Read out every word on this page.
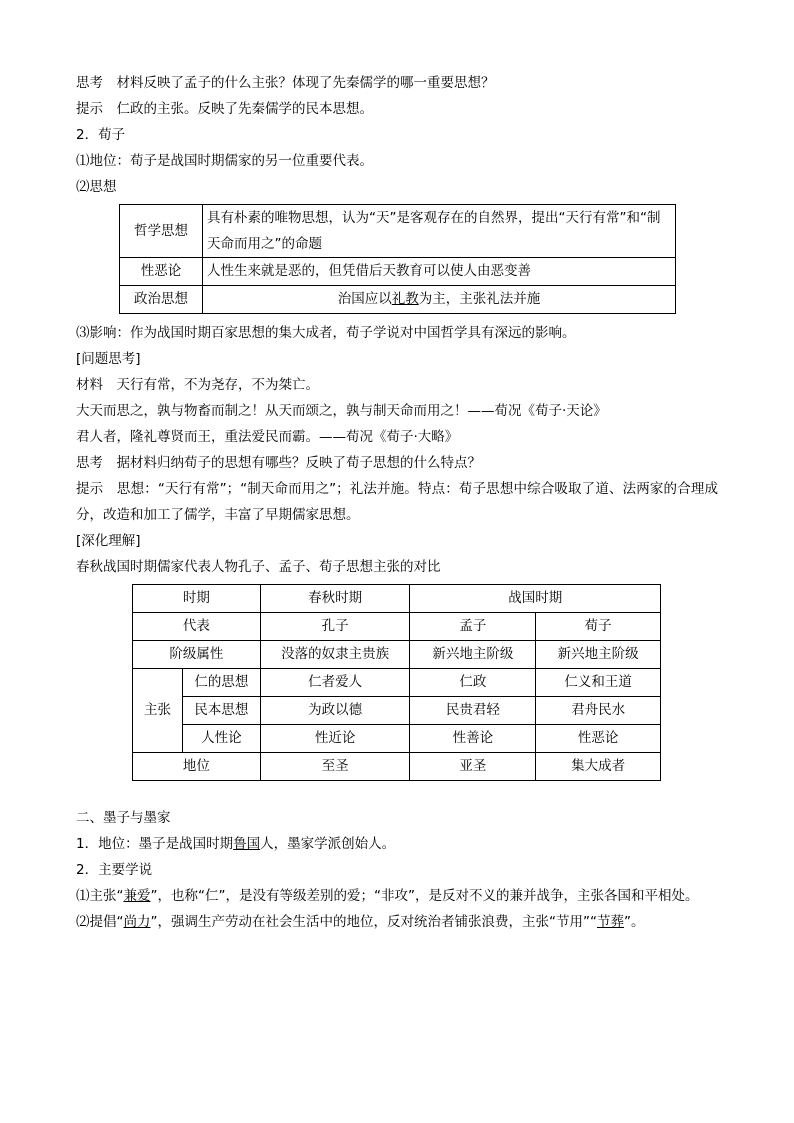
思考　材料反映了孟子的什么主张？体现了先秦儒学的哪一重要思想？
提示　仁政的主张。反映了先秦儒学的民本思想。
2．荀子
⑴地位：荀子是战国时期儒家的另一位重要代表。
⑵思想
哲学思想	具有朴素的唯物思想，认为“天”是客观存在的自然界，提出“天行有常”和“制天命而用之”的命题
性恶论	人性生来就是恶的，但凭借后天教育可以使人由恶变善
政治思想	治国应以礼教为主，主张礼法并施
⑶影响：作为战国时期百家思想的集大成者，荀子学说对中国哲学具有深远的影响。
[问题思考]
材料　天行有常，不为尧存，不为桀亡。
大天而思之，孰与物畜而制之！从天而颂之，孰与制天命而用之！——荀况《荀子·天论》
君人者，隆礼尊贤而王，重法爱民而霸。——荀况《荀子·大略》
思考　据材料归纳荀子的思想有哪些？反映了荀子思想的什么特点？
提示　思想：“天行有常”；“制天命而用之”；礼法并施。特点：荀子思想中综合吸取了道、法两家的合理成分，改造和加工了儒学，丰富了早期儒家思想。
[深化理解]
春秋战国时期儒家代表人物孔子、孟子、荀子思想主张的对比
时期		春秋时期	战国时期	
代表		孔子	孟子	荀子
阶级属性		没落的奴隶主贵族	新兴地主阶级	新兴地主阶级
主张	仁的思想	仁者爱人	仁政	仁义和王道
	民本思想	为政以德	民贵君轻	君舟民水
	人性论	性近论	性善论	性恶论
地位		至圣	亚圣	集大成者
二、墨子与墨家
1．地位：墨子是战国时期鲁国人，墨家学派创始人。
2．主要学说
⑴主张“兼爱”，也称“仁”，是没有等级差别的爱；“非攻”，是反对不义的兼并战争，主张各国和平相处。
⑵提倡“尚力”，强调生产劳动在社会生活中的地位，反对统治者铺张浪费，主张“节用”“节葬”。
